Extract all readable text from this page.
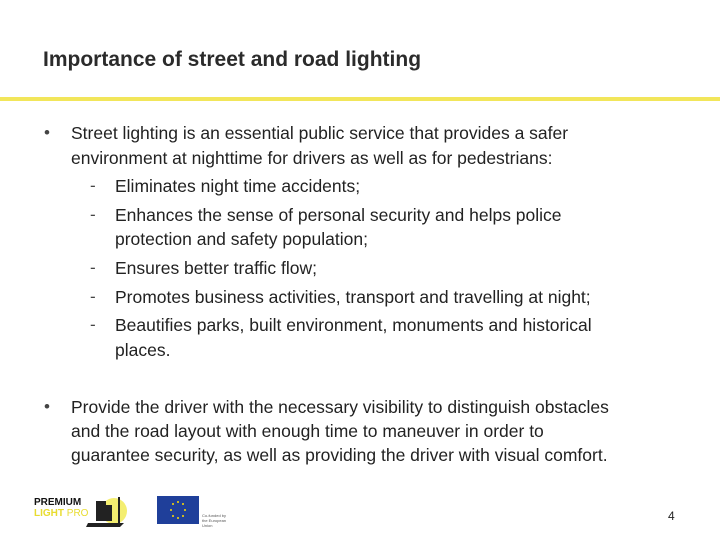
Importance of street and road lighting
• Street lighting is an essential public service that provides a safer
environment at nighttime for drivers as well as for pedestrians:
- Eliminates night time accidents;
- Enhances the sense of personal security and helps police
protection and safety population;
- Ensures better traffic flow;
- Promotes business activities, transport and travelling at night;
- Beautifies parks, built environment, monuments and historical
places.
• Provide the driver with the necessary visibility to distinguish obstacles
and the road layout with enough time to maneuver in order to
guarantee security, as well as providing the driver with visual comfort.
PREMIUM
LIGHT PRO	Co-funded by the European Union
4
